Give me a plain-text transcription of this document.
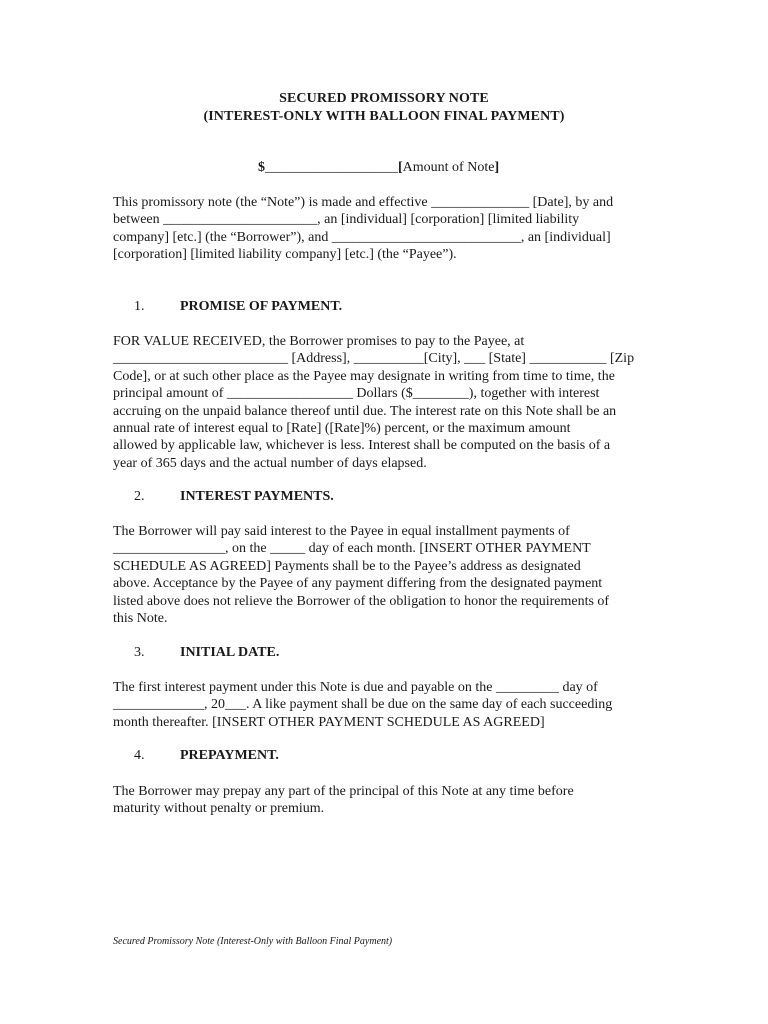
SECURED PROMISSORY NOTE
(INTEREST-ONLY WITH BALLOON FINAL PAYMENT)
$___________________[Amount of Note]
This promissory note (the “Note”) is made and effective ______________ [Date], by and
between ______________________, an [individual] [corporation] [limited liability
company] [etc.] (the “Borrower”), and ___________________________, an [individual]
[corporation] [limited liability company] [etc.] (the “Payee”).
1.	PROMISE OF PAYMENT.
FOR VALUE RECEIVED, the Borrower promises to pay to the Payee, at
_________________________ [Address], __________[City], ___ [State] ___________ [Zip
Code], or at such other place as the Payee may designate in writing from time to time, the
principal amount of __________________ Dollars ($________), together with interest
accruing on the unpaid balance thereof until due. The interest rate on this Note shall be an
annual rate of interest equal to [Rate] ([Rate]%) percent, or the maximum amount
allowed by applicable law, whichever is less. Interest shall be computed on the basis of a
year of 365 days and the actual number of days elapsed.
2.	INTEREST PAYMENTS.
The Borrower will pay said interest to the Payee in equal installment payments of
________________, on the _____ day of each month. [INSERT OTHER PAYMENT
SCHEDULE AS AGREED] Payments shall be to the Payee’s address as designated
above. Acceptance by the Payee of any payment differing from the designated payment
listed above does not relieve the Borrower of the obligation to honor the requirements of
this Note.
3.	INITIAL DATE.
The first interest payment under this Note is due and payable on the _________ day of
_____________, 20___. A like payment shall be due on the same day of each succeeding
month thereafter. [INSERT OTHER PAYMENT SCHEDULE AS AGREED]
4.	PREPAYMENT.
The Borrower may prepay any part of the principal of this Note at any time before
maturity without penalty or premium.
Secured Promissory Note (Interest-Only with Balloon Final Payment)
